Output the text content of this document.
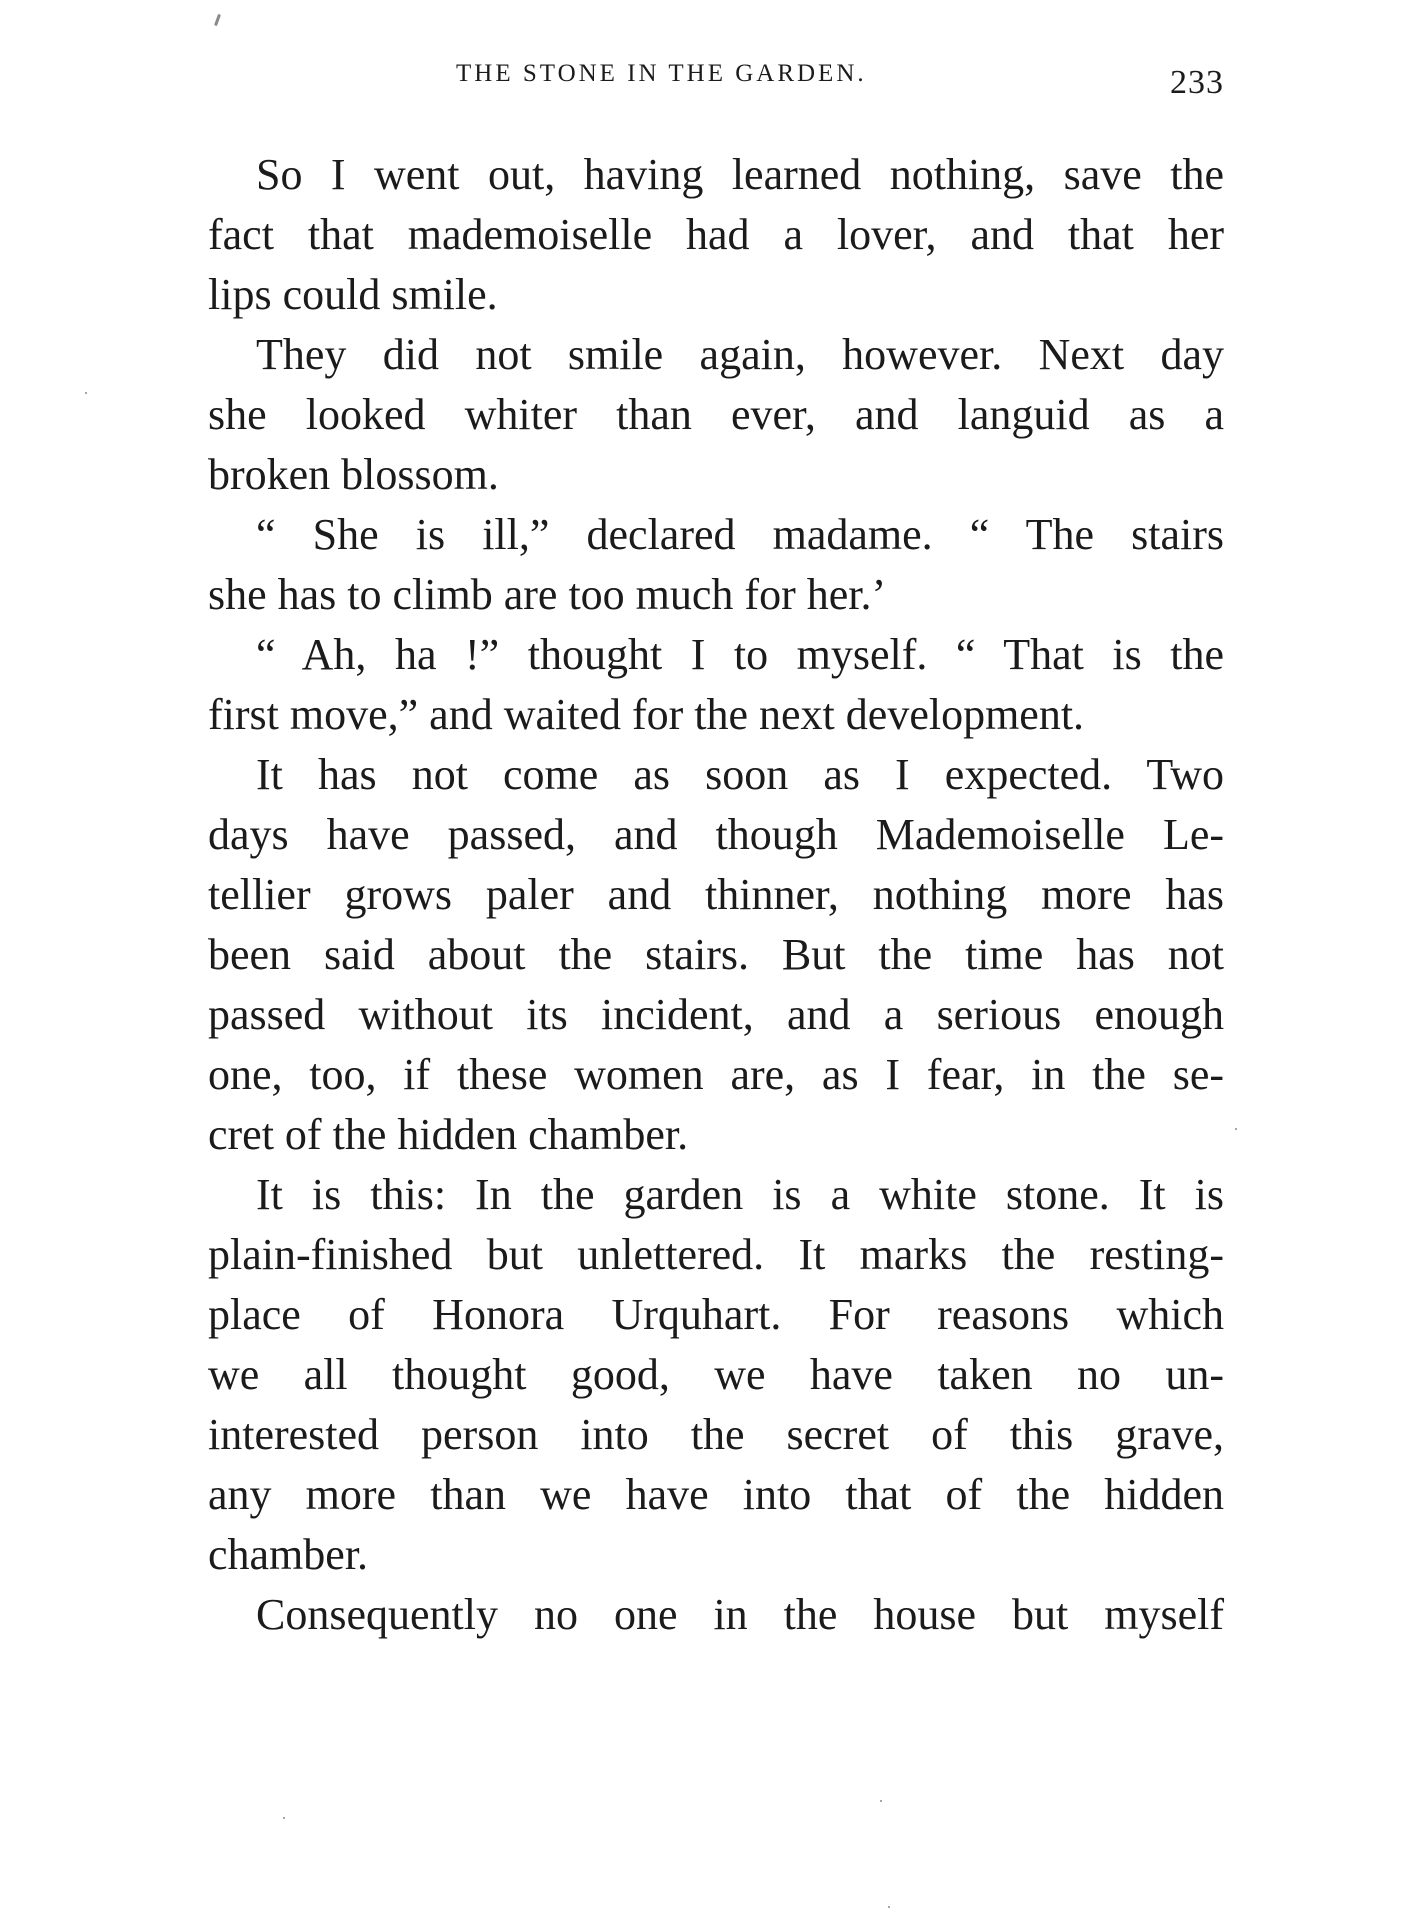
THE STONE IN THE GARDEN.	233
So I went out, having learned nothing, save the
fact that mademoiselle had a lover, and that her
lips could smile.
They did not smile again, however. Next day
she looked whiter than ever, and languid as a
broken blossom.
“ She is ill,” declared madame. “ The stairs
she has to climb are too much for her.’
“ Ah, ha !” thought I to myself. “ That is the
first move,” and waited for the next development.
It has not come as soon as I expected. Two
days have passed, and though Mademoiselle Le-
tellier grows paler and thinner, nothing more has
been said about the stairs. But the time has not
passed without its incident, and a serious enough
one, too, if these women are, as I fear, in the se-
cret of the hidden chamber.
It is this: In the garden is a white stone. It is
plain-finished but unlettered. It marks the resting-
place of Honora Urquhart. For reasons which
we all thought good, we have taken no un-
interested person into the secret of this grave,
any more than we have into that of the hidden
chamber.
Consequently no one in the house but myself
